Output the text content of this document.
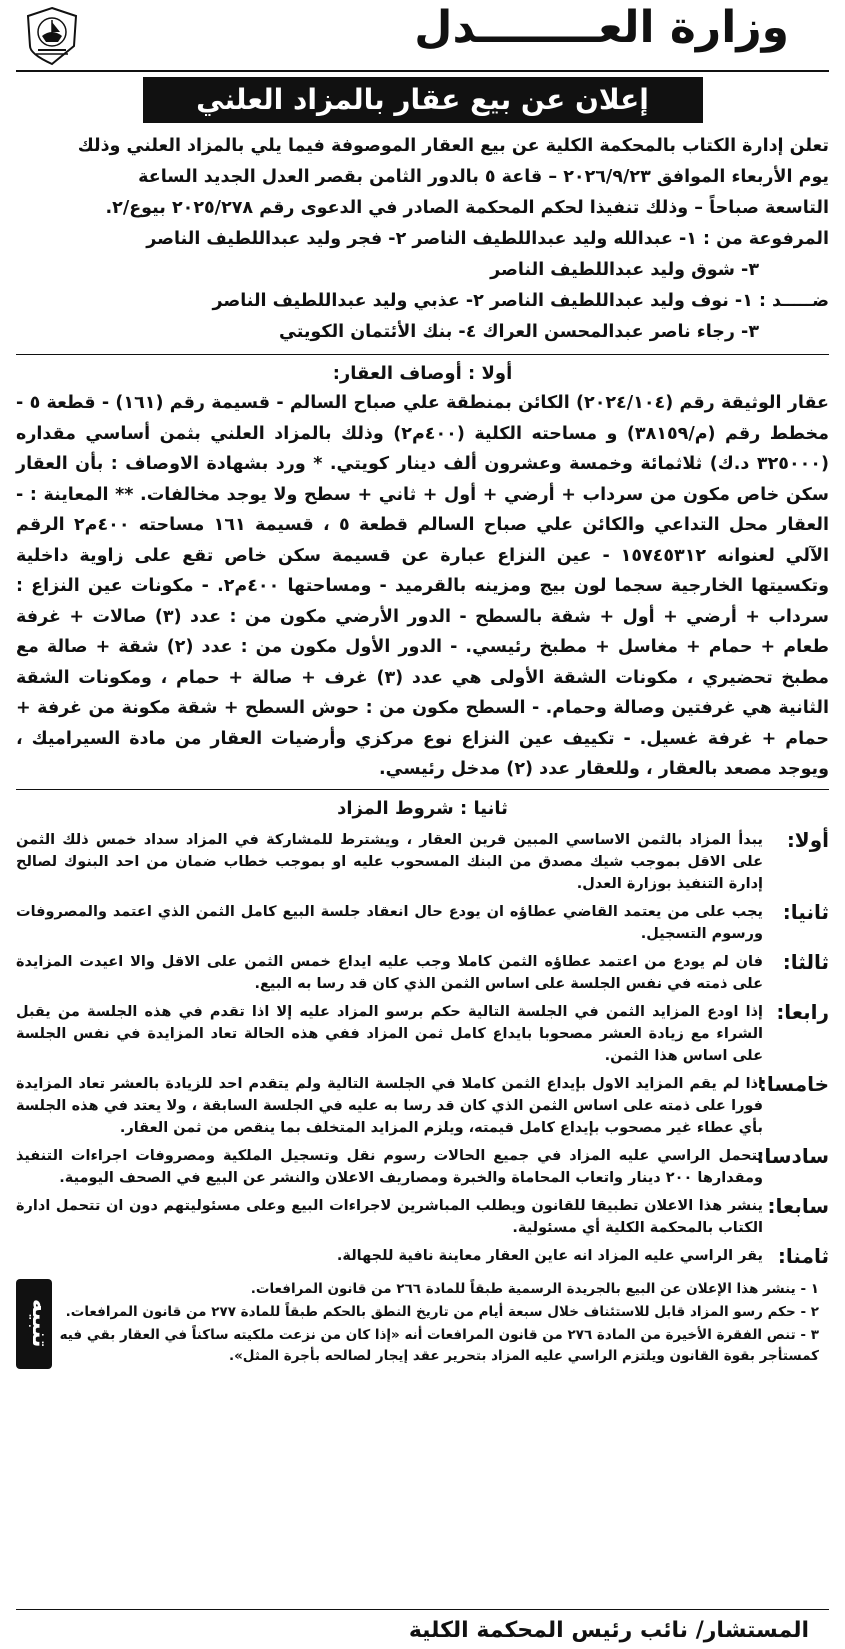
وزارة العــــــــدل
إعلان عن بيع عقار بالمزاد العلني
تعلن إدارة الكتاب بالمحكمة الكلية عن بيع العقار الموصوفة فيما يلي بالمزاد العلني وذلك
يوم الأربعاء الموافق ٢٠٢٦/٩/٢٣ – قاعة ٥ بالدور الثامن بقصر العدل الجديد الساعة
التاسعة صباحاً – وذلك تنفيذا لحكم المحكمة الصادر في الدعوى رقم ٢٠٢٥/٢٧٨ بيوع/٢.
المرفوعة من : ١- عبدالله وليد عبداللطيف الناصر ٢- فجر وليد عبداللطيف الناصر
٣- شوق وليد عبداللطيف الناصر
ضـــــد : ١- نوف وليد عبداللطيف الناصر ٢- عذبي وليد عبداللطيف الناصر
٣- رجاء ناصر عبدالمحسن العراك ٤- بنك الأئتمان الكويتي
أولا : أوصاف العقار:
عقار الوثيقة رقم (٢٠٢٤/١٠٤) الكائن بمنطقة علي صباح السالم - قسيمة رقم (١٦١) - قطعة ٥ - مخطط رقم (م/٣٨١٥٩) و مساحته الكلية (٤٠٠م٢) وذلك بالمزاد العلني بثمن أساسي مقداره (٣٢٥٠٠٠ د.ك) ثلاثمائة وخمسة وعشرون ألف دينار كويتي. * ورد بشهادة الاوصاف : بأن العقار سكن خاص مكون من سرداب + أرضي + أول + ثاني + سطح ولا يوجد مخالفات. ** المعاينة : - العقار محل التداعي والكائن علي صباح السالم قطعة ٥ ، قسيمة ١٦١ مساحته ٤٠٠م٢ الرقم الآلي لعنوانه ١٥٧٤٥٣١٢ - عين النزاع عبارة عن قسيمة سكن خاص تقع على زاوية داخلية وتكسيتها الخارجية سجما لون بيج ومزينه بالقرميد - ومساحتها ٤٠٠م٢. - مكونات عين النزاع : سرداب + أرضي + أول + شقة بالسطح - الدور الأرضي مكون من : عدد (٣) صالات + غرفة طعام + حمام + مغاسل + مطبخ رئيسي. - الدور الأول مكون من : عدد (٢) شقة + صالة مع مطبخ تحضيري ، مكونات الشقة الأولى هي عدد (٣) غرف + صالة + حمام ، ومكونات الشقة الثانية هي غرفتين وصالة وحمام. - السطح مكون من : حوش السطح + شقة مكونة من غرفة + حمام + غرفة غسيل. - تكييف عين النزاع نوع مركزي وأرضيات العقار من مادة السيراميك ، ويوجد مصعد بالعقار ، وللعقار عدد (٢) مدخل رئيسي.
ثانيا : شروط المزاد
أولا:
يبدأ المزاد بالثمن الاساسي المبين قرين العقار ، ويشترط للمشاركة في المزاد سداد خمس ذلك الثمن على الاقل بموجب شيك مصدق من البنك المسحوب عليه او بموجب خطاب ضمان من احد البنوك لصالح إدارة التنفيذ بوزارة العدل.
ثانيا:
يجب على من يعتمد القاضي عطاؤه ان يودع حال انعقاد جلسة البيع كامل الثمن الذي اعتمد والمصروفات ورسوم التسجيل.
ثالثا:
فان لم يودع من اعتمد عطاؤه الثمن كاملا وجب عليه ايداع خمس الثمن على الاقل والا اعيدت المزايدة على ذمته في نفس الجلسة على اساس الثمن الذي كان قد رسا به البيع.
رابعا:
إذا اودع المزايد الثمن في الجلسة التالية حكم برسو المزاد عليه إلا اذا تقدم في هذه الجلسة من يقبل الشراء مع زيادة العشر مصحوبا بايداع كامل ثمن المزاد ففي هذه الحالة تعاد المزايدة في نفس الجلسة على اساس هذا الثمن.
خامسا:
اذا لم يقم المزايد الاول بإيداع الثمن كاملا في الجلسة التالية ولم يتقدم احد للزيادة بالعشر تعاد المزايدة فورا على ذمته على اساس الثمن الذي كان قد رسا به عليه في الجلسة السابقة ، ولا يعتد في هذه الجلسة بأي عطاء غير مصحوب بإيداع كامل قيمته، ويلزم المزايد المتخلف بما ينقص من ثمن العقار.
سادسا:
يتحمل الراسي عليه المزاد في جميع الحالات رسوم نقل وتسجيل الملكية ومصروفات اجراءات التنفيذ ومقدارها ٢٠٠ دينار واتعاب المحاماة والخبرة ومصاريف الاعلان والنشر عن البيع في الصحف اليومية.
سابعا:
ينشر هذا الاعلان تطبيقا للقانون ويطلب المباشرين لاجراءات البيع وعلى مسئوليتهم دون ان تتحمل ادارة الكتاب بالمحكمة الكلية أي مسئولية.
ثامنا:
يقر الراسي عليه المزاد انه عاين العقار معاينة نافية للجهالة.
١ - ينشر هذا الإعلان عن البيع بالجريدة الرسمية طبقاً للمادة ٢٦٦ من قانون المرافعات.
٢ - حكم رسو المزاد قابل للاستئناف خلال سبعة أيام من تاريخ النطق بالحكم طبقاً للمادة ٢٧٧ من قانون المرافعات.
٣ - تنص الفقرة الأخيرة من المادة ٢٧٦ من قانون المرافعات أنه «إذا كان من نزعت ملكيته ساكناً في العقار بقي فيه كمستأجر بقوة القانون ويلتزم الراسي عليه المزاد بتحرير عقد إيجار لصالحه بأجرة المثل».
تنبيه
المستشار/ نائب رئيس المحكمة الكلية
